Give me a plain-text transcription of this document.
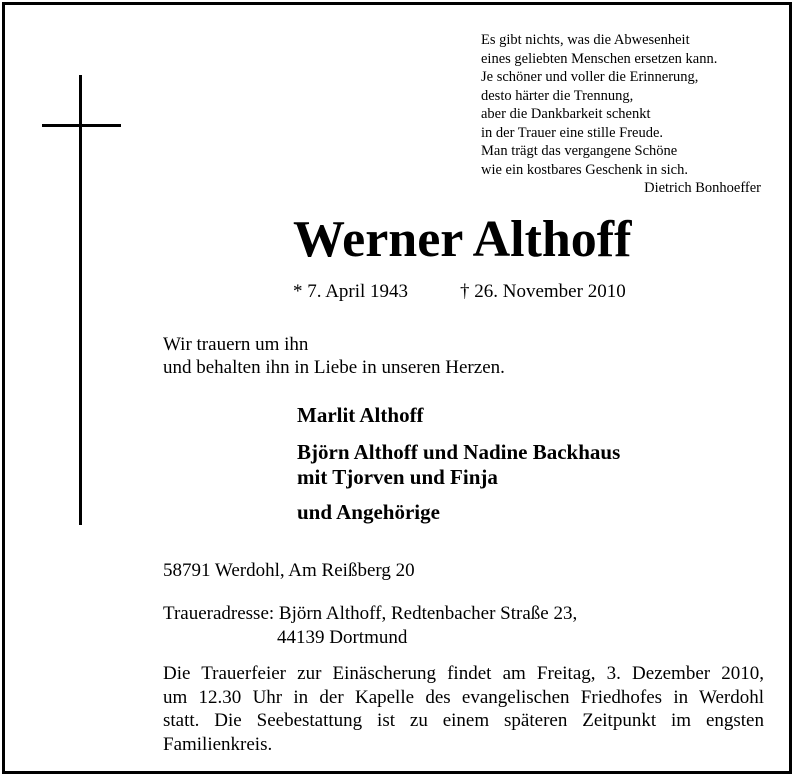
Es gibt nichts, was die Abwesenheit
eines geliebten Menschen ersetzen kann.
Je schöner und voller die Erinnerung,
desto härter die Trennung,
aber die Dankbarkeit schenkt
in der Trauer eine stille Freude.
Man trägt das vergangene Schöne
wie ein kostbares Geschenk in sich.
Dietrich Bonhoeffer
Werner Althoff
* 7. April 1943	† 26. November 2010
Wir trauern um ihn
und behalten ihn in Liebe in unseren Herzen.
Marlit Althoff
Björn Althoff und Nadine Backhaus
mit Tjorven und Finja
und Angehörige
58791 Werdohl, Am Reißberg 20
Traueradresse: Björn Althoff, Redtenbacher Straße 23,
44139 Dortmund
Die Trauerfeier zur Einäscherung findet am Freitag, 3. Dezember 2010,
um 12.30 Uhr in der Kapelle des evangelischen Friedhofes in Werdohl
statt. Die Seebestattung ist zu einem späteren Zeitpunkt im engsten
Familienkreis.
